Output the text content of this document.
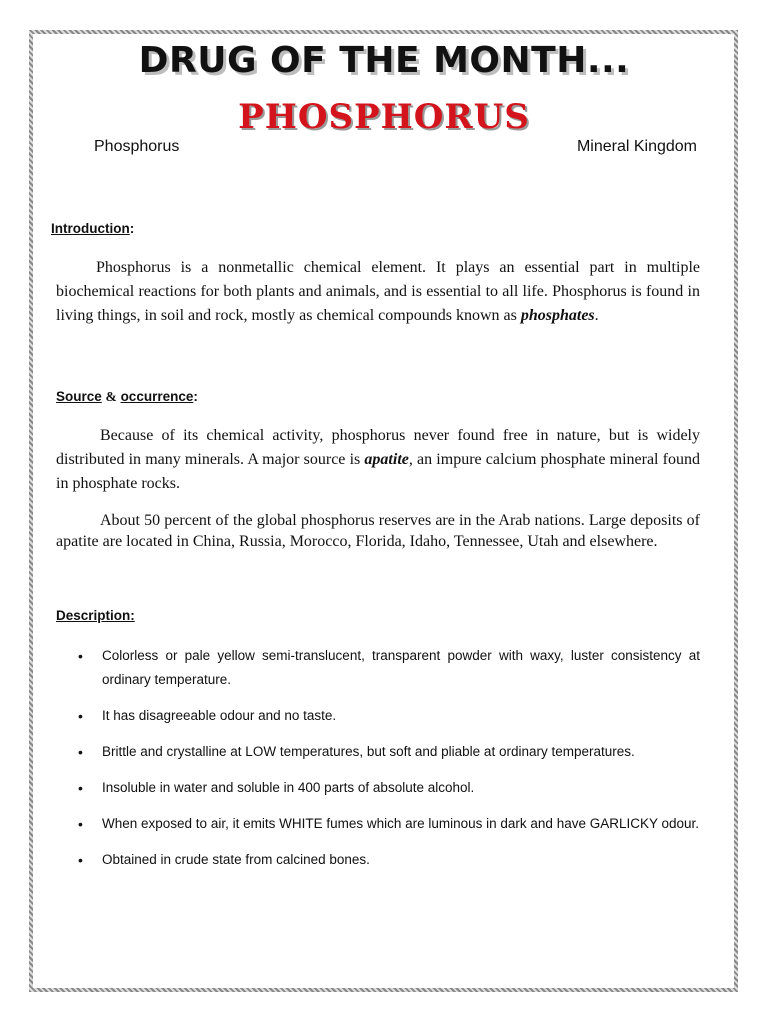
DRUG OF THE MONTH...
PHOSPHORUS
Phosphorus	Mineral Kingdom
Introduction:
Phosphorus is a nonmetallic chemical element. It plays an essential part in multiple biochemical reactions for both plants and animals, and is essential to all life. Phosphorus is found in living things, in soil and rock, mostly as chemical compounds known as phosphates.
Source & occurrence:
Because of its chemical activity, phosphorus never found free in nature, but is widely distributed in many minerals. A major source is apatite, an impure calcium phosphate mineral found in phosphate rocks.
About 50 percent of the global phosphorus reserves are in the Arab nations. Large deposits of apatite are located in China, Russia, Morocco, Florida, Idaho, Tennessee, Utah and elsewhere.
Description:
• Colorless or pale yellow semi-translucent, transparent powder with waxy, luster consistency at ordinary temperature.
• It has disagreeable odour and no taste.
• Brittle and crystalline at LOW temperatures, but soft and pliable at ordinary temperatures.
• Insoluble in water and soluble in 400 parts of absolute alcohol.
• When exposed to air, it emits WHITE fumes which are luminous in dark and have GARLICKY odour.
• Obtained in crude state from calcined bones.
